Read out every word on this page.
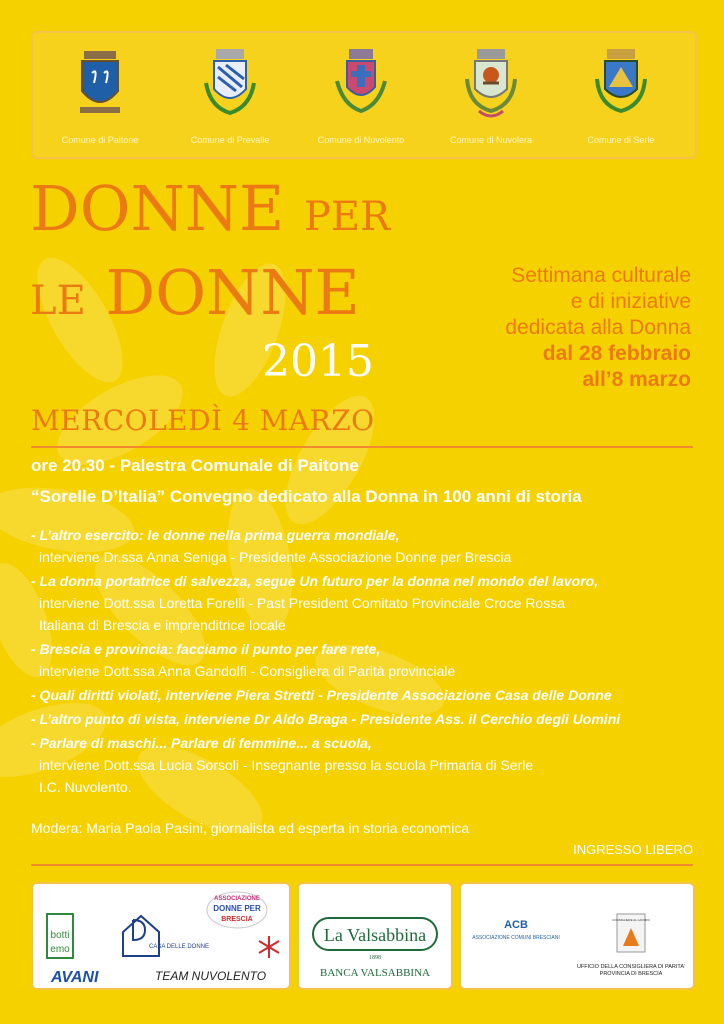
Comune di Paitone	Comune di Prevalle	Comune di Nuvolento	Comune di Nuvolera	Comune di Serle
DONNE PER
LE DONNE
2015
Settimana culturale
e di iniziative
dedicata alla Donna
dal 28 febbraio
all’8 marzo
MERCOLEDÌ 4 MARZO
ore 20.30 - Palestra Comunale di Paitone
“Sorelle D’Italia” Convegno dedicato alla Donna in 100 anni di storia
- L’altro esercito: le donne nella prima guerra mondiale,
interviene Dr.ssa Anna Seniga - Presidente Associazione Donne per Brescia
- La donna portatrice di salvezza, segue Un futuro per la donna nel mondo del lavoro,
interviene Dott.ssa Loretta Forelli - Past President Comitato Provinciale Croce Rossa
Italiana di Brescia e imprenditrice locale
- Brescia e provincia: facciamo il punto per fare rete,
interviene Dott.ssa Anna Gandolfi - Consigliera di Parità provinciale
- Quali diritti violati, interviene Piera Stretti - Presidente Associazione Casa delle Donne
- L’altro punto di vista, interviene Dr Aldo Braga - Presidente Ass. il Cerchio degli Uomini
- Parlare di maschi... Parlare di femmine... a scuola,
interviene Dott.ssa Lucia Sorsoli - Insegnante presso la scuola Primaria di Serle
I.C. Nuvolento.
Modera: Maria Paola Pasini, giornalista ed esperta in storia economica
INGRESSO LIBERO
botti
emo	CASA DELLE DONNE
ASSOCIAZIONE
DONNE PER
BRESCIA
AVANI	TEAM NUVOLENTO
La Valsabbina
1898
BANCA VALSABBINA
ACB
ASSOCIAZIONE COMUNI BRESCIANI
CONSIGLIERE AL LAVORO
UFFICIO DELLA CONSIGLIERA DI PARITA'
PROVINCIA DI BRESCIA
